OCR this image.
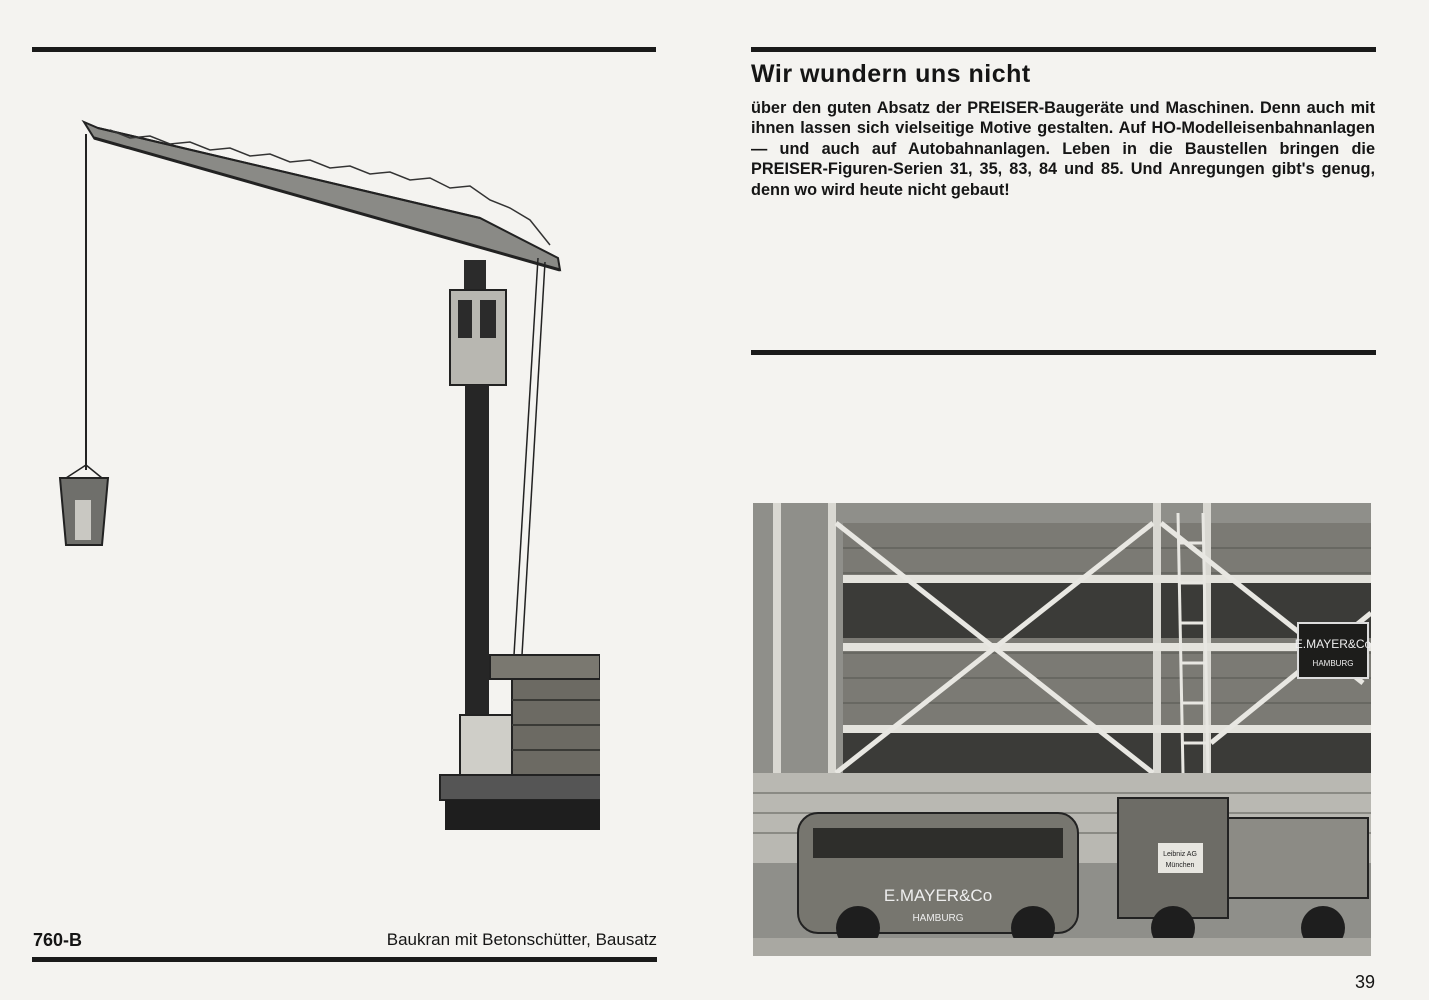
Wir wundern uns nicht

über den guten Absatz der PREISER-Baugeräte und Maschinen. Denn auch mit ihnen lassen sich vielseitige Motive gestalten. Auf HO-Modelleisenbahnanlagen — und auch auf Autobahnanlagen. Leben in die Baustellen bringen die PREISER-Figuren-Serien 31, 35, 83, 84 und 85. Und Anregungen gibt's genug, denn wo wird heute nicht gebaut!

E.MAYER&Co
HAMBURG
E.MAYER&Co
HAMBURG
Leibniz AG
München
760-B	Baukran mit Betonschütter, Bausatz
39
